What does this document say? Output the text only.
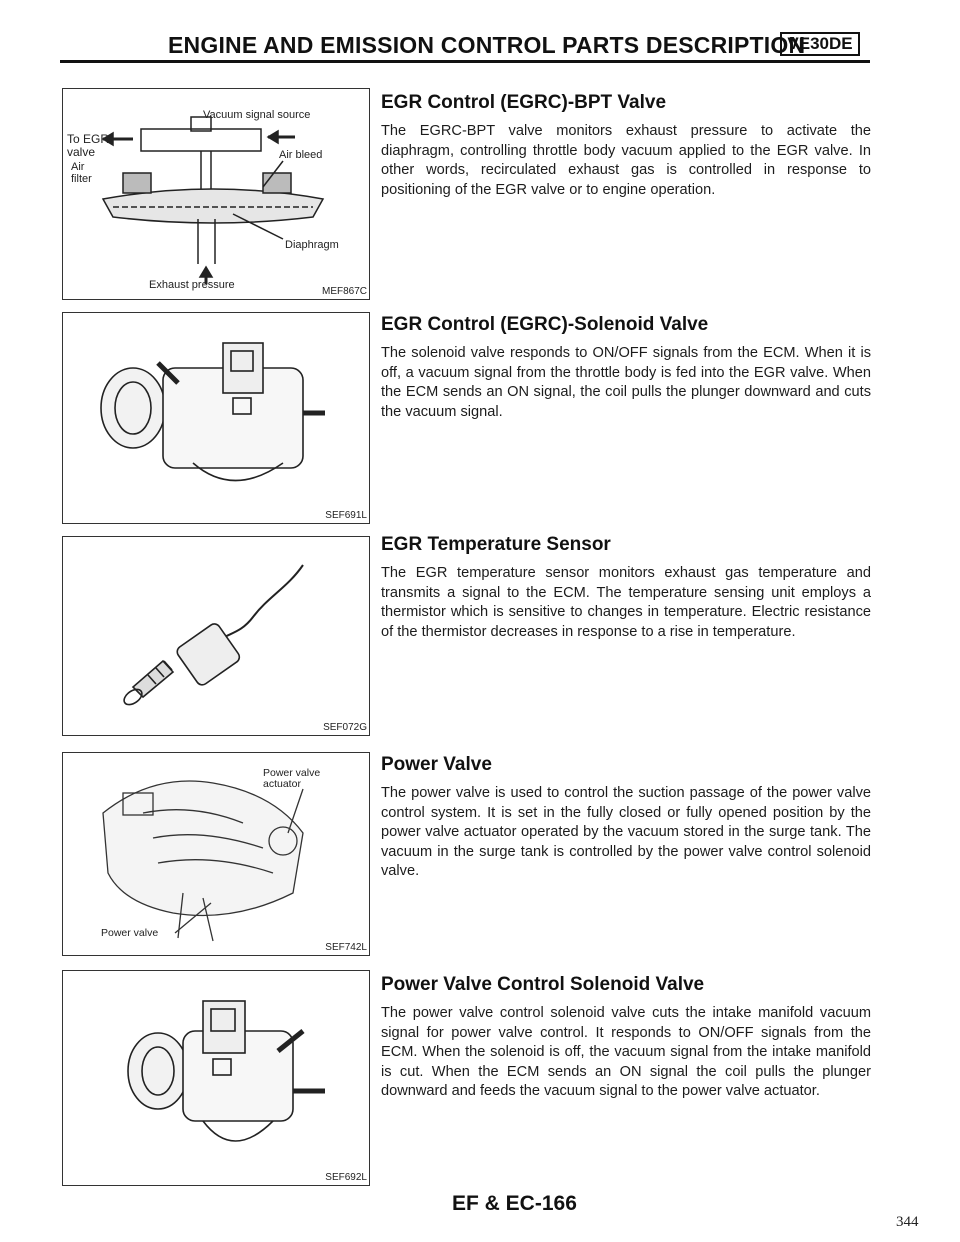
ENGINE AND EMISSION CONTROL PARTS DESCRIPTION
VE30DE
Vacuum signal source
To EGR
valve
Air
filter
Air bleed
Diaphragm
Exhaust pressure
MEF867C
SEF691L
SEF072G
Power valve
actuator
Power valve
SEF742L
SEF692L
EGR Control (EGRC)-BPT Valve

The EGRC-BPT valve monitors exhaust pressure to activate the diaphragm, controlling throttle body vacuum applied to the EGR valve. In other words, recirculated exhaust gas is controlled in response to positioning of the EGR valve or to engine operation.

EGR Control (EGRC)-Solenoid Valve

The solenoid valve responds to ON/OFF signals from the ECM. When it is off, a vacuum signal from the throttle body is fed into the EGR valve. When the ECM sends an ON signal, the coil pulls the plunger downward and cuts the vacuum signal.

EGR Temperature Sensor

The EGR temperature sensor monitors exhaust gas temperature and transmits a signal to the ECM. The temperature sensing unit employs a thermistor which is sensitive to changes in temperature. Electric resistance of the thermistor decreases in response to a rise in temperature.

Power Valve

The power valve is used to control the suction passage of the power valve control system. It is set in the fully closed or fully opened position by the power valve actuator operated by the vacuum stored in the surge tank. The vacuum in the surge tank is controlled by the power valve control solenoid valve.

Power Valve Control Solenoid Valve

The power valve control solenoid valve cuts the intake manifold vacuum signal for power valve control. It responds to ON/OFF signals from the ECM. When the solenoid is off, the vacuum signal from the intake manifold is cut. When the ECM sends an ON signal the coil pulls the plunger downward and feeds the vacuum signal to the power valve actuator.

EF & EC-166
344
